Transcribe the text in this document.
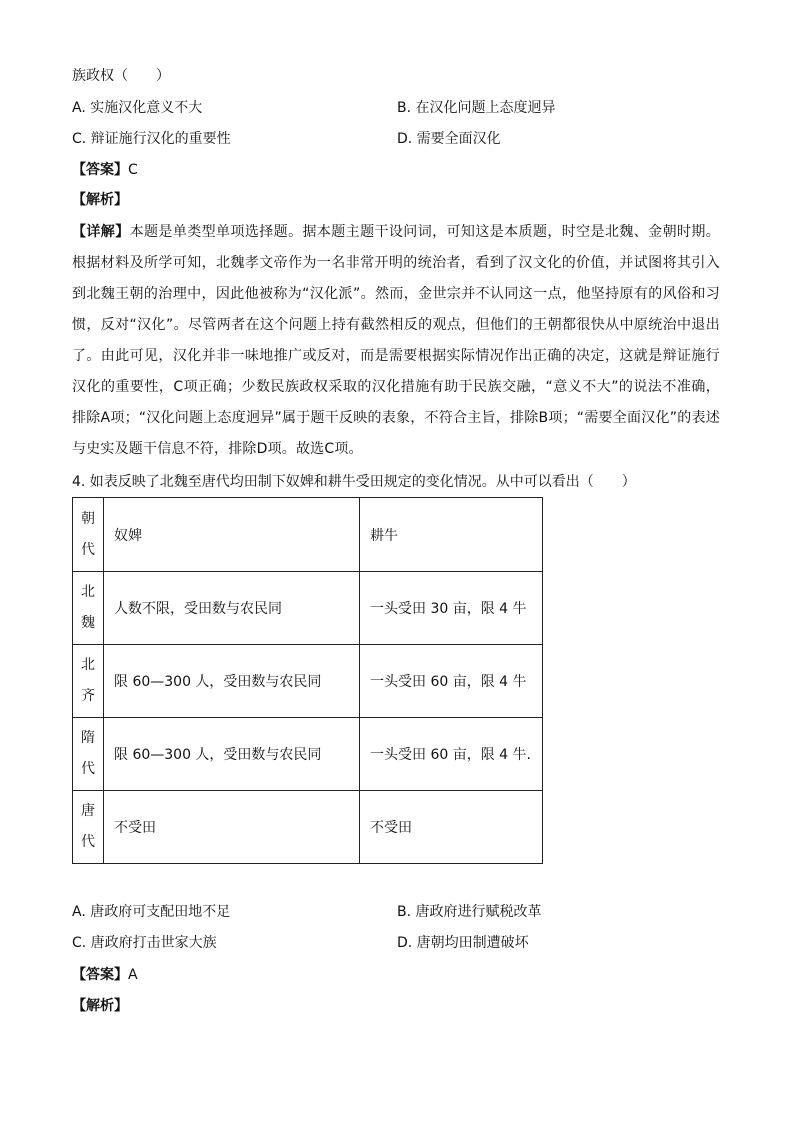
族政权（　　）
A. 实施汉化意义不大	B. 在汉化问题上态度迥异
C. 辩证施行汉化的重要性	D. 需要全面汉化
【答案】C
【解析】
【详解】本题是单类型单项选择题。据本题主题干设问词，可知这是本质题，时空是北魏、金朝时期。根据材料及所学可知，北魏孝文帝作为一名非常开明的统治者，看到了汉文化的价值，并试图将其引入到北魏王朝的治理中，因此他被称为“汉化派”。然而，金世宗并不认同这一点，他坚持原有的风俗和习惯，反对“汉化”。尽管两者在这个问题上持有截然相反的观点，但他们的王朝都很快从中原统治中退出了。由此可见，汉化并非一味地推广或反对，而是需要根据实际情况作出正确的决定，这就是辩证施行汉化的重要性，C项正确；少数民族政权采取的汉化措施有助于民族交融，“意义不大”的说法不准确，排除A项；“汉化问题上态度迥异”属于题干反映的表象，不符合主旨，排除B项；“需要全面汉化”的表述与史实及题干信息不符，排除D项。故选C项。
4. 如表反映了北魏至唐代均田制下奴婢和耕牛受田规定的变化情况。从中可以看出（　　）
朝
代	奴婢	耕牛

北
魏	人数不限，受田数与农民同	一头受田 30 亩，限 4 牛

北
齐	限 60—300 人，受田数与农民同	一头受田 60 亩，限 4 牛

隋
代	限 60—300 人，受田数与农民同	一头受田 60 亩，限 4 牛.

唐
代	不受田	不受田
A. 唐政府可支配田地不足	B. 唐政府进行赋税改革
C. 唐政府打击世家大族	D. 唐朝均田制遭破坏
【答案】A
【解析】
